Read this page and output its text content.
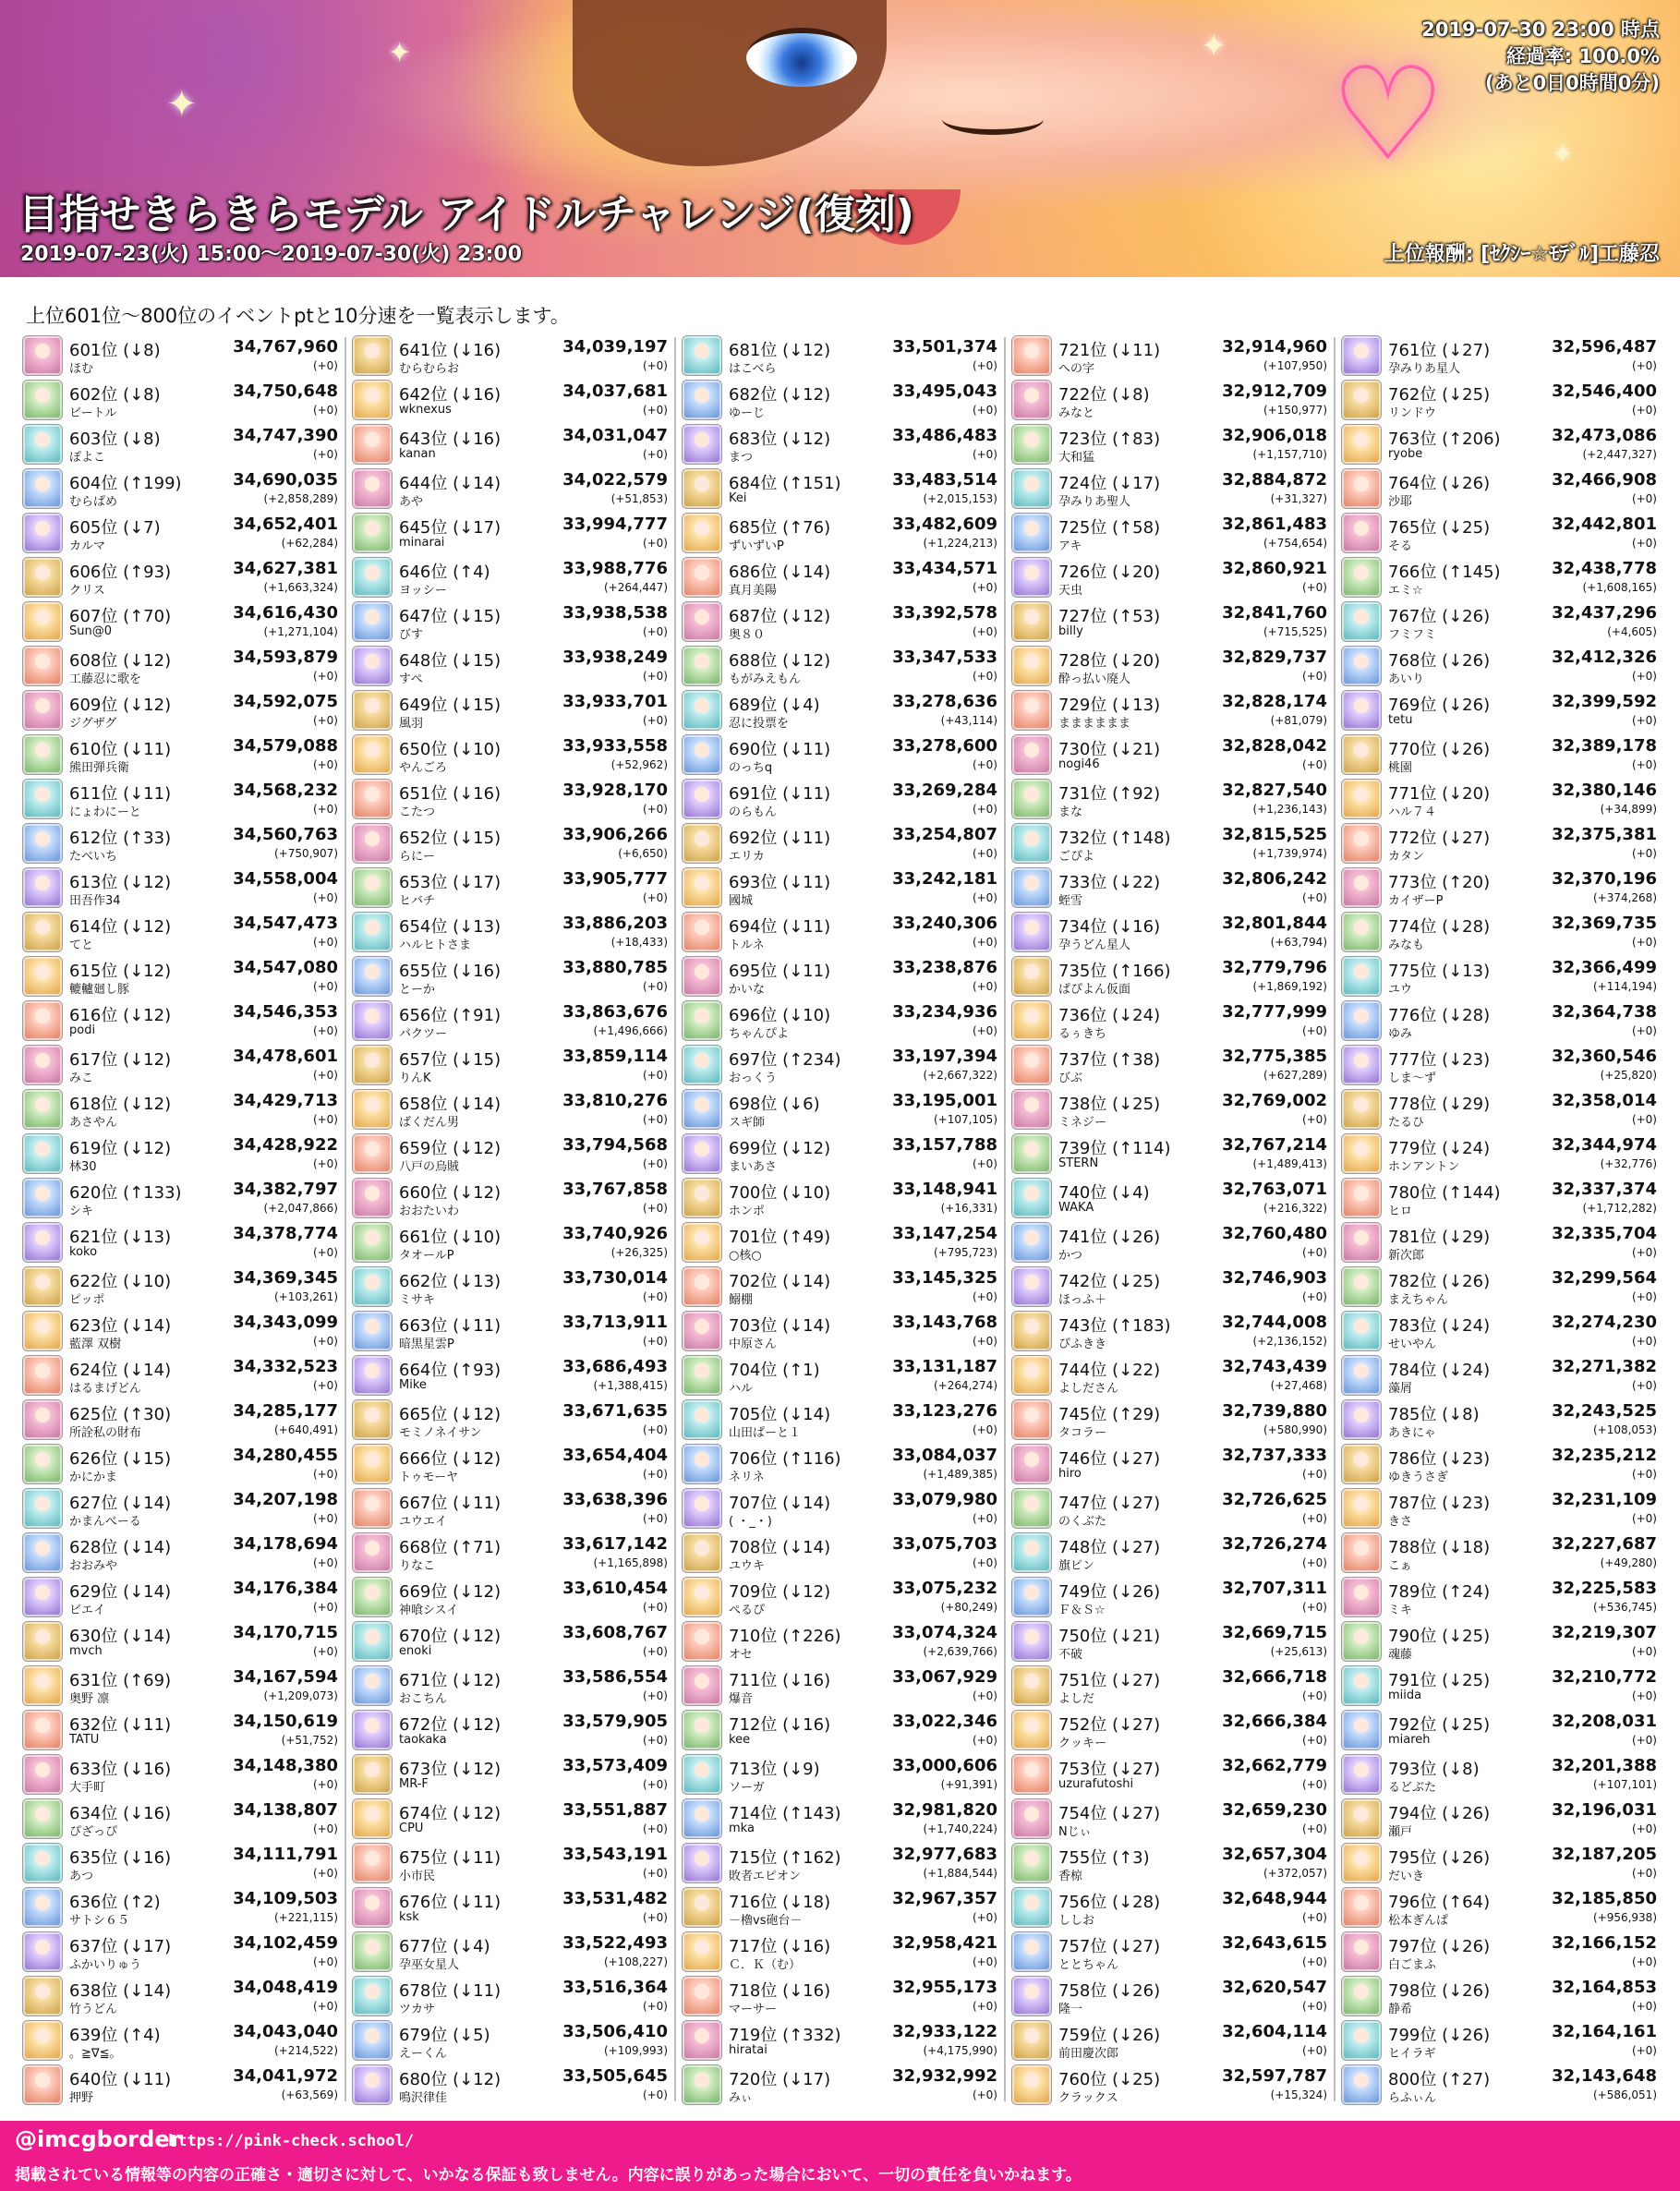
♡
✦
✦	✦
✦
2019-07-30 23:00 時点
経過率: 100.0%
(あと0日0時間0分)
目指せきらきらモデル アイドルチャレンジ(復刻)
2019-07-23(火) 15:00～2019-07-30(火) 23:00	上位報酬: [ｾｸｼｰ☆ﾓﾃﾞﾙ]工藤忍
上位601位～800位のイベントptと10分速を一覧表示します。
601位 (↓8)	34,767,960
ほむ	(+0)
602位 (↓8)	34,750,648
ビートル	(+0)
603位 (↓8)	34,747,390
ぽよこ	(+0)
604位 (↑199)	34,690,035
むらぱめ	(+2,858,289)
605位 (↓7)	34,652,401
カルマ	(+62,284)
606位 (↑93)	34,627,381
クリス	(+1,663,324)
607位 (↑70)	34,616,430
Sun@0	(+1,271,104)
608位 (↓12)	34,593,879
工藤忍に歌を	(+0)
609位 (↓12)	34,592,075
ジグザグ	(+0)
610位 (↓11)	34,579,088
熊田弾兵衛	(+0)
611位 (↓11)	34,568,232
にょわにーと	(+0)
612位 (↑33)	34,560,763
たべいち	(+750,907)
613位 (↓12)	34,558,004
田吾作34	(+0)
614位 (↓12)	34,547,473
てと	(+0)
615位 (↓12)	34,547,080
轆轤廻し豚	(+0)
616位 (↓12)	34,546,353
podi	(+0)
617位 (↓12)	34,478,601
みこ	(+0)
618位 (↓12)	34,429,713
あさやん	(+0)
619位 (↓12)	34,428,922
林30	(+0)
620位 (↑133)	34,382,797
シキ	(+2,047,866)
621位 (↓13)	34,378,774
koko	(+0)
622位 (↓10)	34,369,345
ピッポ	(+103,261)
623位 (↓14)	34,343,099
藍澤 双樹	(+0)
624位 (↓14)	34,332,523
はるまげどん	(+0)
625位 (↑30)	34,285,177
所詮私の財布	(+640,491)
626位 (↓15)	34,280,455
かにかま	(+0)
627位 (↓14)	34,207,198
かまんべーる	(+0)
628位 (↓14)	34,178,694
おおみや	(+0)
629位 (↓14)	34,176,384
ビエイ	(+0)
630位 (↓14)	34,170,715
mvch	(+0)
631位 (↑69)	34,167,594
奥野 凛	(+1,209,073)
632位 (↓11)	34,150,619
TATU	(+51,752)
633位 (↓16)	34,148,380
大手町	(+0)
634位 (↓16)	34,138,807
ぴざっぴ	(+0)
635位 (↓16)	34,111,791
あつ	(+0)
636位 (↑2)	34,109,503
サトシ６５	(+221,115)
637位 (↓17)	34,102,459
ふかいりゅう	(+0)
638位 (↓14)	34,048,419
竹うどん	(+0)
639位 (↑4)	34,043,040
。≧∇≦。	(+214,522)
640位 (↓11)	34,041,972
押野	(+63,569)
641位 (↓16)	34,039,197
むらむらお	(+0)
642位 (↓16)	34,037,681
wknexus	(+0)
643位 (↓16)	34,031,047
kanan	(+0)
644位 (↓14)	34,022,579
あや	(+51,853)
645位 (↓17)	33,994,777
minarai	(+0)
646位 (↑4)	33,988,776
ヨッシー	(+264,447)
647位 (↓15)	33,938,538
びす	(+0)
648位 (↓15)	33,938,249
すぺ	(+0)
649位 (↓15)	33,933,701
風羽	(+0)
650位 (↓10)	33,933,558
やんごろ	(+52,962)
651位 (↓16)	33,928,170
こたつ	(+0)
652位 (↓15)	33,906,266
らにー	(+6,650)
653位 (↓17)	33,905,777
ヒバチ	(+0)
654位 (↓13)	33,886,203
ハルヒトさま	(+18,433)
655位 (↓16)	33,880,785
とーか	(+0)
656位 (↑91)	33,863,676
バクツー	(+1,496,666)
657位 (↓15)	33,859,114
りんK	(+0)
658位 (↓14)	33,810,276
ばくだん男	(+0)
659位 (↓12)	33,794,568
八戸の烏賊	(+0)
660位 (↓12)	33,767,858
おおたいわ	(+0)
661位 (↓10)	33,740,926
タオールP	(+26,325)
662位 (↓13)	33,730,014
ミサキ	(+0)
663位 (↓11)	33,713,911
暗黒星雲P	(+0)
664位 (↑93)	33,686,493
Mike	(+1,388,415)
665位 (↓12)	33,671,635
モミノネイサン	(+0)
666位 (↓12)	33,654,404
トゥモーヤ	(+0)
667位 (↓11)	33,638,396
ユウエイ	(+0)
668位 (↑71)	33,617,142
りなこ	(+1,165,898)
669位 (↓12)	33,610,454
神喰シスイ	(+0)
670位 (↓12)	33,608,767
enoki	(+0)
671位 (↓12)	33,586,554
おこちん	(+0)
672位 (↓12)	33,579,905
taokaka	(+0)
673位 (↓12)	33,573,409
MR-F	(+0)
674位 (↓12)	33,551,887
CPU	(+0)
675位 (↓11)	33,543,191
小市民	(+0)
676位 (↓11)	33,531,482
ksk	(+0)
677位 (↓4)	33,522,493
孕巫女星人	(+108,227)
678位 (↓11)	33,516,364
ツカサ	(+0)
679位 (↓5)	33,506,410
えーくん	(+109,993)
680位 (↓12)	33,505,645
鳴沢律佳	(+0)
681位 (↓12)	33,501,374
はこべら	(+0)
682位 (↓12)	33,495,043
ゆーじ	(+0)
683位 (↓12)	33,486,483
まつ	(+0)
684位 (↑151)	33,483,514
Kei	(+2,015,153)
685位 (↑76)	33,482,609
ずいずいP	(+1,224,213)
686位 (↓14)	33,434,571
真月美陽	(+0)
687位 (↓12)	33,392,578
奥８０	(+0)
688位 (↓12)	33,347,533
もがみえもん	(+0)
689位 (↓4)	33,278,636
忍に投票を	(+43,114)
690位 (↓11)	33,278,600
のっちq	(+0)
691位 (↓11)	33,269,284
のらもん	(+0)
692位 (↓11)	33,254,807
エリカ	(+0)
693位 (↓11)	33,242,181
國城	(+0)
694位 (↓11)	33,240,306
トルネ	(+0)
695位 (↓11)	33,238,876
かいな	(+0)
696位 (↓10)	33,234,936
ちゃんぴよ	(+0)
697位 (↑234)	33,197,394
おっくう	(+2,667,322)
698位 (↓6)	33,195,001
スギ師	(+107,105)
699位 (↓12)	33,157,788
まいあさ	(+0)
700位 (↓10)	33,148,941
ホンポ	(+16,331)
701位 (↑49)	33,147,254
○核○	(+795,723)
702位 (↓14)	33,145,325
鰯棚	(+0)
703位 (↓14)	33,143,768
中原さん	(+0)
704位 (↑1)	33,131,187
ハル	(+264,274)
705位 (↓14)	33,123,276
山田ぱーと１	(+0)
706位 (↑116)	33,084,037
ネリネ	(+1,489,385)
707位 (↓14)	33,079,980
( ・_・)	(+0)
708位 (↓14)	33,075,703
ユウキ	(+0)
709位 (↓12)	33,075,232
ぺるぴ	(+80,249)
710位 (↑226)	33,074,324
オセ	(+2,639,766)
711位 (↓16)	33,067,929
爆音	(+0)
712位 (↓16)	33,022,346
kee	(+0)
713位 (↓9)	33,000,606
ソーガ	(+91,391)
714位 (↑143)	32,981,820
mka	(+1,740,224)
715位 (↑162)	32,977,683
敗者エピオン	(+1,884,544)
716位 (↓18)	32,967,357
－櫓vs砲台－	(+0)
717位 (↓16)	32,958,421
Ｃ．Ｋ（む）	(+0)
718位 (↓16)	32,955,173
マーサー	(+0)
719位 (↑332)	32,933,122
hiratai	(+4,175,990)
720位 (↓17)	32,932,992
みぃ	(+0)
721位 (↓11)	32,914,960
への字	(+107,950)
722位 (↓8)	32,912,709
みなと	(+150,977)
723位 (↑83)	32,906,018
大和猛	(+1,157,710)
724位 (↓17)	32,884,872
孕みりあ聖人	(+31,327)
725位 (↑58)	32,861,483
アキ	(+754,654)
726位 (↓20)	32,860,921
天虫	(+0)
727位 (↑53)	32,841,760
billy	(+715,525)
728位 (↓20)	32,829,737
酔っ払い廃人	(+0)
729位 (↓13)	32,828,174
まままままま	(+81,079)
730位 (↓21)	32,828,042
nogi46	(+0)
731位 (↑92)	32,827,540
まな	(+1,236,143)
732位 (↑148)	32,815,525
ごぴよ	(+1,739,974)
733位 (↓22)	32,806,242
蛭雪	(+0)
734位 (↓16)	32,801,844
孕うどん星人	(+63,794)
735位 (↑166)	32,779,796
ぱぴよん仮面	(+1,869,192)
736位 (↓24)	32,777,999
るぅきち	(+0)
737位 (↑38)	32,775,385
びぶ	(+627,289)
738位 (↓25)	32,769,002
ミネジー	(+0)
739位 (↑114)	32,767,214
STERN	(+1,489,413)
740位 (↓4)	32,763,071
WAKA	(+216,322)
741位 (↓26)	32,760,480
かつ	(+0)
742位 (↓25)	32,746,903
ほっふ＋	(+0)
743位 (↑183)	32,744,008
ぴふきき	(+2,136,152)
744位 (↓22)	32,743,439
よしださん	(+27,468)
745位 (↑29)	32,739,880
タコラー	(+580,990)
746位 (↓27)	32,737,333
hiro	(+0)
747位 (↓27)	32,726,625
のくぶた	(+0)
748位 (↓27)	32,726,274
旗ピン	(+0)
749位 (↓26)	32,707,311
Ｆ＆Ｓ☆	(+0)
750位 (↓21)	32,669,715
不破	(+25,613)
751位 (↓27)	32,666,718
よしだ	(+0)
752位 (↓27)	32,666,384
クッキー	(+0)
753位 (↓27)	32,662,779
uzurafutoshi	(+0)
754位 (↓27)	32,659,230
Nじぃ	(+0)
755位 (↑3)	32,657,304
香椋	(+372,057)
756位 (↓28)	32,648,944
ししお	(+0)
757位 (↓27)	32,643,615
ととちゃん	(+0)
758位 (↓26)	32,620,547
隆一	(+0)
759位 (↓26)	32,604,114
前田慶次郎	(+0)
760位 (↓25)	32,597,787
クラックス	(+15,324)
761位 (↓27)	32,596,487
孕みりあ星人	(+0)
762位 (↓25)	32,546,400
リンドウ	(+0)
763位 (↑206)	32,473,086
ryobe	(+2,447,327)
764位 (↓26)	32,466,908
沙耶	(+0)
765位 (↓25)	32,442,801
そる	(+0)
766位 (↑145)	32,438,778
エミ☆	(+1,608,165)
767位 (↓26)	32,437,296
フミフミ	(+4,605)
768位 (↓26)	32,412,326
あいり	(+0)
769位 (↓26)	32,399,592
tetu	(+0)
770位 (↓26)	32,389,178
桃園	(+0)
771位 (↓20)	32,380,146
ハル７４	(+34,899)
772位 (↓27)	32,375,381
カタン	(+0)
773位 (↑20)	32,370,196
カイザーP	(+374,268)
774位 (↓28)	32,369,735
みなも	(+0)
775位 (↓13)	32,366,499
ユウ	(+114,194)
776位 (↓28)	32,364,738
ゆみ	(+0)
777位 (↓23)	32,360,546
しま～ず	(+25,820)
778位 (↓29)	32,358,014
たるひ	(+0)
779位 (↓24)	32,344,974
ホンアントン	(+32,776)
780位 (↑144)	32,337,374
ヒロ	(+1,712,282)
781位 (↓29)	32,335,704
新次郎	(+0)
782位 (↓26)	32,299,564
まえちゃん	(+0)
783位 (↓24)	32,274,230
せいやん	(+0)
784位 (↓24)	32,271,382
藻屑	(+0)
785位 (↓8)	32,243,525
あきにゃ	(+108,053)
786位 (↓23)	32,235,212
ゆきうさぎ	(+0)
787位 (↓23)	32,231,109
きさ	(+0)
788位 (↓18)	32,227,687
こぁ	(+49,280)
789位 (↑24)	32,225,583
ミキ	(+536,745)
790位 (↓25)	32,219,307
魂藤	(+0)
791位 (↓25)	32,210,772
miida	(+0)
792位 (↓25)	32,208,031
miareh	(+0)
793位 (↓8)	32,201,388
るどぶた	(+107,101)
794位 (↓26)	32,196,031
瀬戸	(+0)
795位 (↓26)	32,187,205
だいき	(+0)
796位 (↑64)	32,185,850
松本ぎんぱ	(+956,938)
797位 (↓26)	32,166,152
白ごまふ	(+0)
798位 (↓26)	32,164,853
静希	(+0)
799位 (↓26)	32,164,161
ヒイラギ	(+0)
800位 (↑27)	32,143,648
らふぃん	(+586,051)
@imcgborder
https://pink-check.school/
掲載されている情報等の内容の正確さ・適切さに対して、いかなる保証も致しません。内容に誤りがあった場合において、一切の責任を負いかねます。
